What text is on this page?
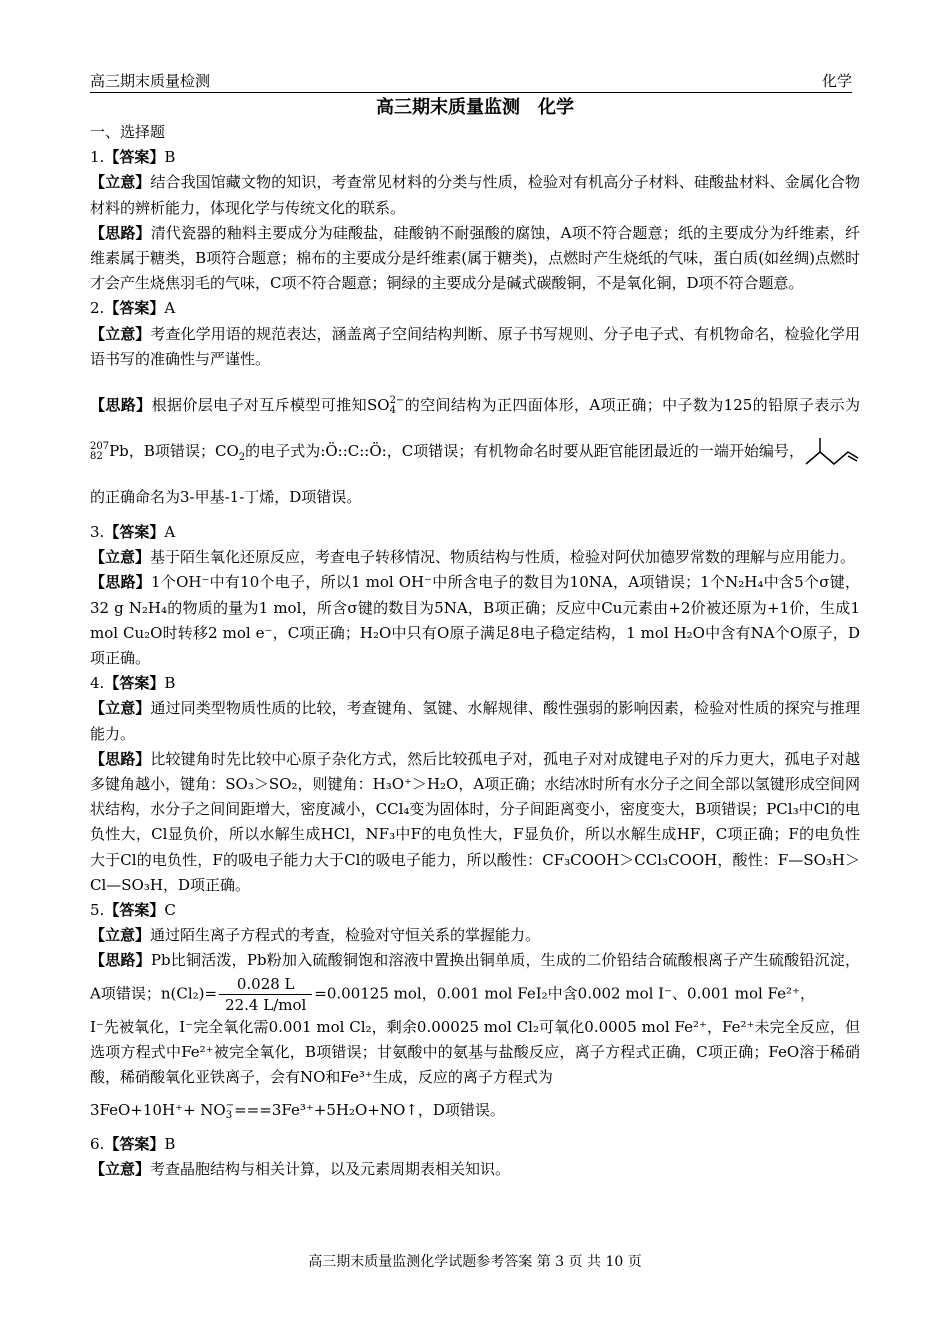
高三期末质量检测	化学
高三期末质量监测　化学

一、选择题

1.【答案】B

【立意】结合我国馆藏文物的知识，考查常见材料的分类与性质，检验对有机高分子材料、硅酸盐材料、金属化合物材料的辨析能力，体现化学与传统文化的联系。

【思路】清代瓷器的釉料主要成分为硅酸盐，硅酸钠不耐强酸的腐蚀，A项不符合题意；纸的主要成分为纤维素，纤维素属于糖类，B项符合题意；棉布的主要成分是纤维素(属于糖类)，点燃时产生烧纸的气味，蛋白质(如丝绸)点燃时才会产生烧焦羽毛的气味，C项不符合题意；铜绿的主要成分是碱式碳酸铜，不是氧化铜，D项不符合题意。

2.【答案】A

【立意】考查化学用语的规范表达，涵盖离子空间结构判断、原子书写规则、分子电子式、有机物命名，检验化学用语书写的准确性与严谨性。

【思路】根据价层电子对互斥模型可推知SO2−
4 的空间结构为正四面体形，A项正确；中子数为125的铅原子表示为207
82 Pb，B项错误；$CO_2$的电子式为:Ö::C::Ö:，C项错误；有机物命名时要从距官能团最近的一端开始编号，的正确命名为3-甲基-1-丁烯，D项错误。

3.【答案】A

【立意】基于陌生氧化还原反应，考查电子转移情况、物质结构与性质，检验对阿伏加德罗常数的理解与应用能力。

【思路】1个OH⁻中有10个电子，所以1 mol OH⁻中所含电子的数目为10NA，A项错误；1个N₂H₄中含5个σ键，32 g N₂H₄的物质的量为1 mol，所含σ键的数目为5NA，B项正确；反应中Cu元素由+2价被还原为+1价，生成1 mol Cu₂O时转移2 mol e⁻，C项正确；H₂O中只有O原子满足8电子稳定结构，1 mol H₂O中含有NA个O原子，D项正确。

4.【答案】B

【立意】通过同类型物质性质的比较，考查键角、氢键、水解规律、酸性强弱的影响因素，检验对性质的探究与推理能力。

【思路】比较键角时先比较中心原子杂化方式，然后比较孤电子对，孤电子对对成键电子对的斥力更大，孤电子对越多键角越小，键角：SO₃＞SO₂，则键角：H₃O⁺＞H₂O，A项正确；水结冰时所有水分子之间全部以氢键形成空间网状结构，水分子之间间距增大，密度减小，CCl₄变为固体时，分子间距离变小，密度变大，B项错误；PCl₃中Cl的电负性大，Cl显负价，所以水解生成HCl，NF₃中F的电负性大，F显负价，所以水解生成HF，C项正确；F的电负性大于Cl的电负性，F的吸电子能力大于Cl的吸电子能力，所以酸性：CF₃COOH＞CCl₃COOH，酸性：F—SO₃H＞Cl—SO₃H，D项正确。

5.【答案】C

【立意】通过陌生离子方程式的考查，检验对守恒关系的掌握能力。

【思路】Pb比铜活泼，Pb粉加入硫酸铜饱和溶液中置换出铜单质，生成的二价铅结合硫酸根离子产生硫酸铅沉淀，A项错误；$n(Cl_2)= \frac{0.028 L}{\text{22.4 L/mol}} =0.00125$ mol，0.001 mol FeI₂中含0.002 mol I⁻、0.001 mol Fe²⁺，

I⁻先被氧化，I⁻完全氧化需0.001 mol Cl₂，剩余0.00025 mol Cl₂可氧化0.0005 mol Fe²⁺，Fe²⁺未完全反应，但选项方程式中Fe²⁺被完全氧化，B项错误；甘氨酸中的氨基与盐酸反应，离子方程式正确，C项正确；FeO溶于稀硝酸，稀硝酸氧化亚铁离子，会有NO和Fe³⁺生成，反应的离子方程式为

3FeO+10H⁺+ NO−
3 ===3Fe³⁺+5H₂O+NO↑，D项错误。

6.【答案】B

【立意】考查晶胞结构与相关计算，以及元素周期表相关知识。

高三期末质量监测化学试题参考答案 第 3 页 共 10 页
